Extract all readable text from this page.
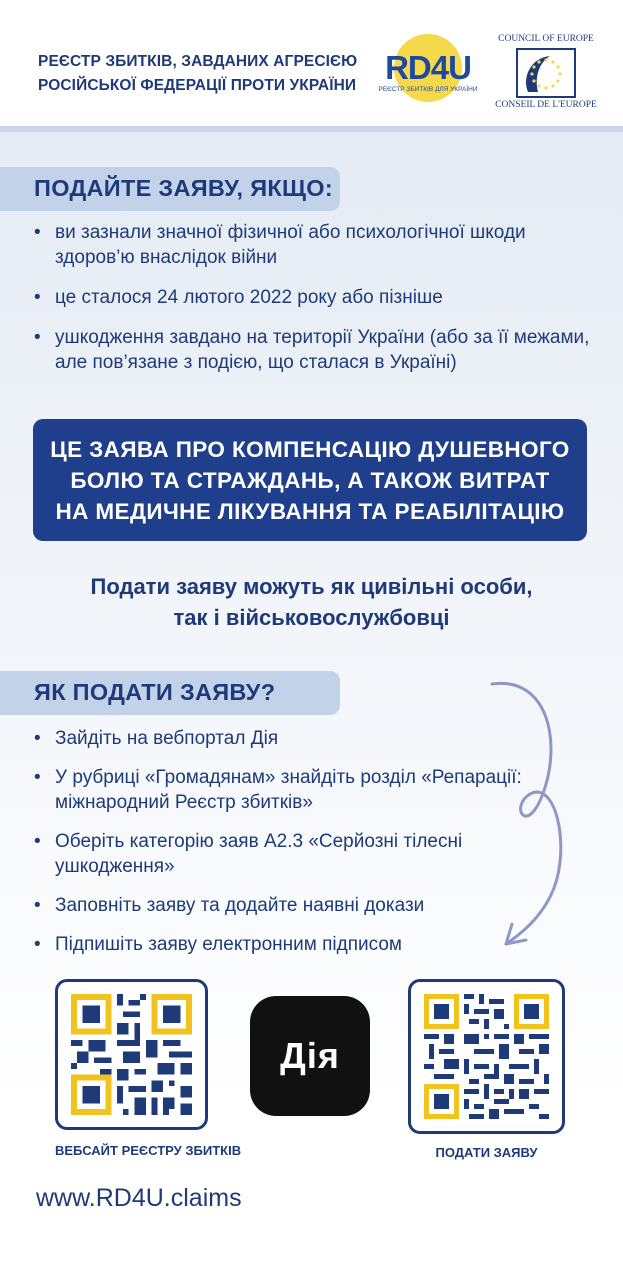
РЕЄСТР ЗБИТКІВ, ЗАВДАНИХ АГРЕСІЄЮ
РОСІЙСЬКОЇ ФЕДЕРАЦІЇ ПРОТИ УКРАЇНИ RD4U
РЕЄСТР ЗБИТКІВ ДЛЯ УКРАЇНИ
COUNCIL OF EUROPE
CONSEIL DE L'EUROPE
ПОДАЙТЕ ЗАЯВУ, ЯКЩО:
• ви зазнали значної фізичної або психологічної шкоди здоров’ю внаслідок війни
• це сталося 24 лютого 2022 року або пізніше
• ушкодження завдано на території України (або за її межами, але пов’язане з подією, що сталася в Україні)
ЦЕ ЗАЯВА ПРО КОМПЕНСАЦІЮ ДУШЕВНОГО
БОЛЮ ТА СТРАЖДАНЬ, А ТАКОЖ ВИТРАТ
НА МЕДИЧНЕ ЛІКУВАННЯ ТА РЕАБІЛІТАЦІЮ
Подати заяву можуть як цивільні особи,
так і військовослужбовці
ЯК ПОДАТИ ЗАЯВУ?
• Зайдіть на вебпортал Дія
• У рубриці «Громадянам» знайдіть розділ «Репарації: міжнародний Реєстр збитків»
• Оберіть категорію заяв А2.3 «Серйозні тілесні ушкодження»
• Заповніть заяву та додайте наявні докази
• Підпишіть заяву електронним підписом
ВЕБСАЙТ РЕЄСТРУ ЗБИТКІВ
Дія
ПОДАТИ ЗАЯВУ
www.RD4U.claims
